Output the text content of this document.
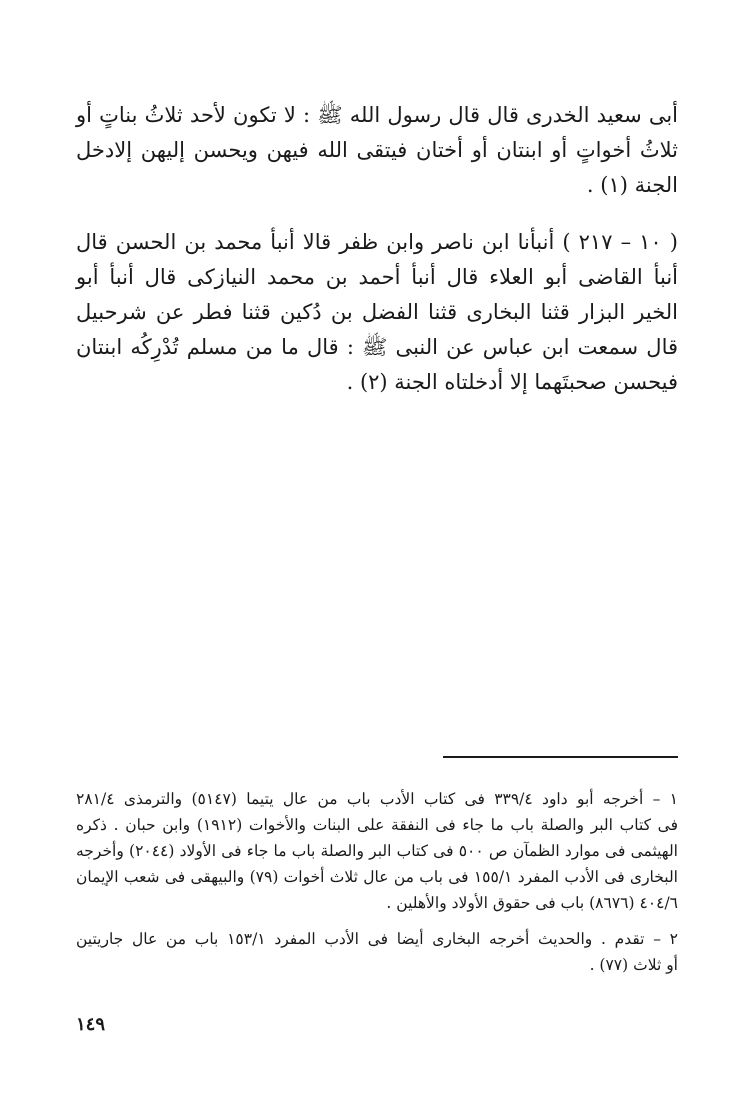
أبى سعيد الخدرى قال قال رسول الله ﷺ : لا تكون لأحد ثلاثُ بناتٍ أو ثلاثُ أخواتٍ أو ابنتان أو أختان فيتقى الله فيهن ويحسن إليهن إلادخل الجنة (١) .
( ١٠ – ٢١٧ ) أنبأنا ابن ناصر وابن ظفر قالا أنبأ محمد بن الحسن قال أنبأ القاضى أبو العلاء قال أنبأ أحمد بن محمد النيازكى قال أنبأ أبو الخير البزار قثنا البخارى قثنا الفضل بن دُكين قثنا فطر عن شرحبيل قال سمعت ابن عباس عن النبى ﷺ : قال ما من مسلم تُدْرِكُه ابنتان فيحسن صحبتَهما إلا أدخلتاه الجنة (٢) .
١ – أخرجه أبو داود ٣٣٩/٤ فى كتاب الأدب باب من عال يتيما (٥١٤٧) والترمذى ٢٨١/٤
فى كتاب البر والصلة باب ما جاء فى النفقة على البنات والأخوات (١٩١٢) وابن حبان . ذكره
الهيثمى فى موارد الظمآن ص ٥٠٠ فى كتاب البر والصلة باب ما جاء فى الأولاد (٢٠٤٤) وأخرجه
البخارى فى الأدب المفرد ١٥٥/١ فى باب من عال ثلاث أخوات (٧٩) والبيهقى فى شعب الإيمان
٤٠٤/٦ (٨٦٧٦) باب فى حقوق الأولاد والأهلين .
٢ – تقدم . والحديث أخرجه البخارى أيضا فى الأدب المفرد ١٥٣/١ باب من عال جاريتين
أو ثلاث (٧٧) .
١٤٩
